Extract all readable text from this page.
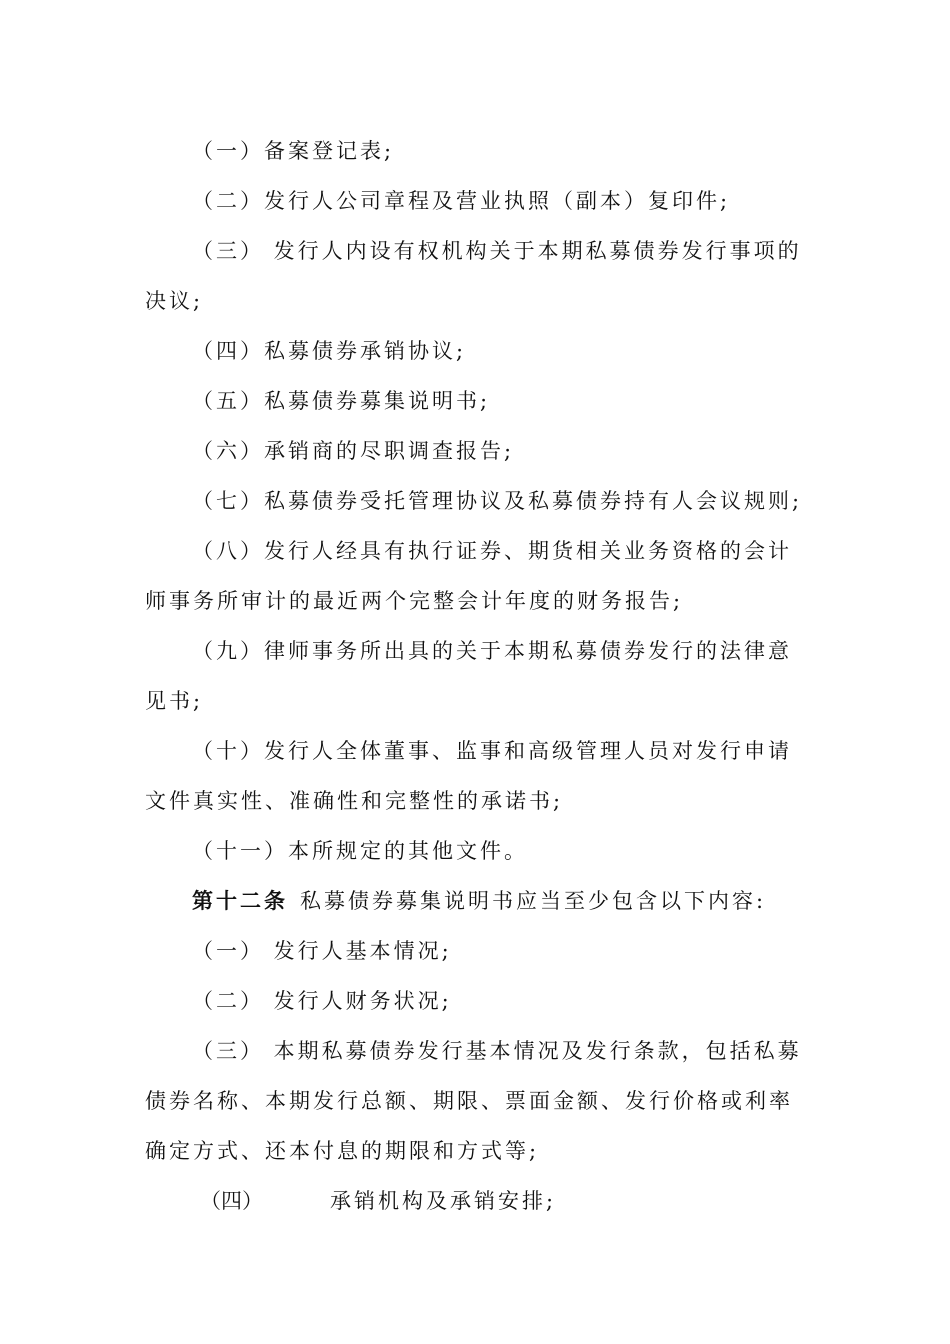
（一）备案登记表;
（二）发行人公司章程及营业执照（副本）复印件;
（三） 发行人内设有权机构关于本期私募债券发行事项的
决议;
（四）私募债券承销协议;
（五）私募债券募集说明书;
（六）承销商的尽职调查报告;
（七）私募债券受托管理协议及私募债券持有人会议规则;
（八）发行人经具有执行证券、期货相关业务资格的会计
师事务所审计的最近两个完整会计年度的财务报告;
（九）律师事务所出具的关于本期私募债券发行的法律意
见书;
（十）发行人全体董事、监事和高级管理人员对发行申请
文件真实性、准确性和完整性的承诺书;
（十一）本所规定的其他文件。
第十二条 私募债券募集说明书应当至少包含以下内容:
（一） 发行人基本情况;
（二） 发行人财务状况;
（三） 本期私募债券发行基本情况及发行条款，包括私募
债券名称、本期发行总额、期限、票面金额、发行价格或利率
确定方式、还本付息的期限和方式等;
（四）	承销机构及承销安排;
